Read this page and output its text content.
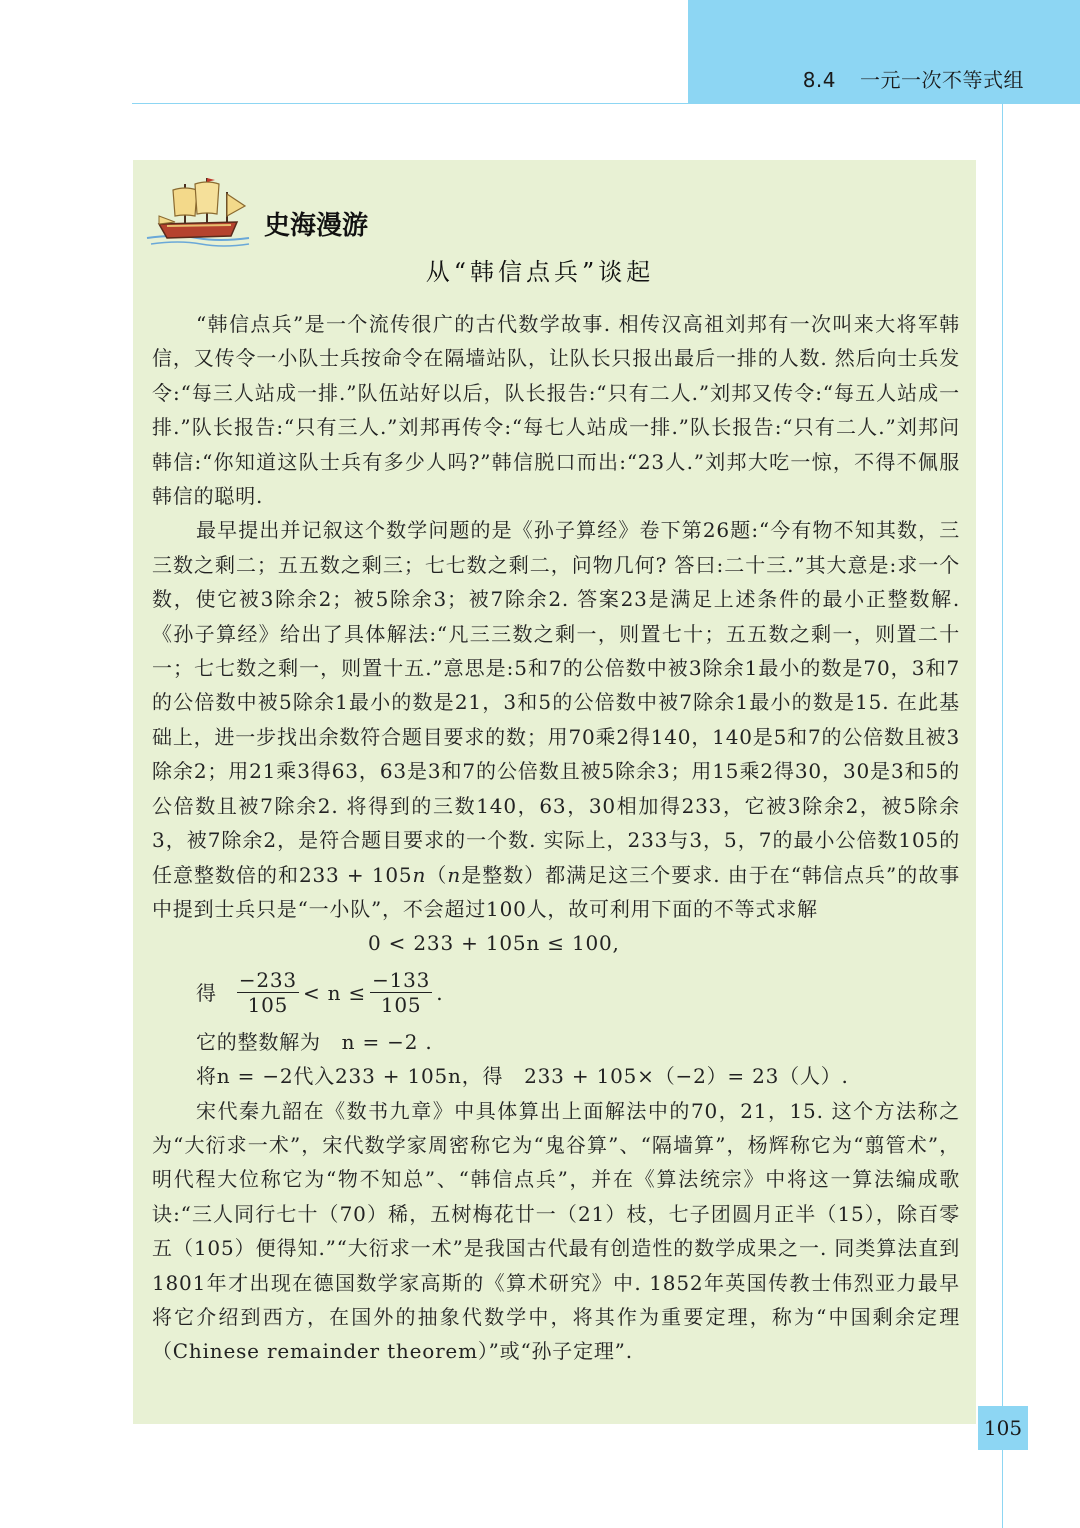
8.4 一元一次不等式组
史海漫游
从“韩信点兵”谈起

“韩信点兵”是一个流传很广的古代数学故事. 相传汉高祖刘邦有一次叫来大将军韩信，又传令一小队士兵按命令在隔墙站队，让队长只报出最后一排的人数. 然后向士兵发令:“每三人站成一排.”队伍站好以后，队长报告:“只有二人.”刘邦又传令:“每五人站成一排.”队长报告:“只有三人.”刘邦再传令:“每七人站成一排.”队长报告:“只有二人.”刘邦问韩信:“你知道这队士兵有多少人吗?”韩信脱口而出:“23人.”刘邦大吃一惊，不得不佩服韩信的聪明.

最早提出并记叙这个数学问题的是《孙子算经》卷下第26题:“今有物不知其数，三三数之剩二；五五数之剩三；七七数之剩二，问物几何? 答曰:二十三.”其大意是:求一个数，使它被3除余2；被5除余3；被7除余2. 答案23是满足上述条件的最小正整数解.《孙子算经》给出了具体解法:“凡三三数之剩一，则置七十；五五数之剩一，则置二十一；七七数之剩一，则置十五.”意思是:5和7的公倍数中被3除余1最小的数是70，3和7的公倍数中被5除余1最小的数是21，3和5的公倍数中被7除余1最小的数是15. 在此基础上，进一步找出余数符合题目要求的数；用70乘2得140，140是5和7的公倍数且被3除余2；用21乘3得63，63是3和7的公倍数且被5除余3；用15乘2得30，30是3和5的公倍数且被7除余2. 将得到的三数140，63，30相加得233，它被3除余2，被5除余3，被7除余2，是符合题目要求的一个数. 实际上，233与3，5，7的最小公倍数105的任意整数倍的和233 + 105n（n是整数）都满足这三个要求. 由于在“韩信点兵”的故事中提到士兵只是“一小队”，不会超过100人，故可利用下面的不等式求解

0 < 233 + 105n ≤ 100,
得 $\frac{-233}{105} < n \le \frac{-133}{105}$ .
它的整数解为　n = −2 .
将n = −2代入233 + 105n，得　233 + 105×（−2）= 23（人）.

宋代秦九韶在《数书九章》中具体算出上面解法中的70，21，15. 这个方法称之为“大衍求一术”，宋代数学家周密称它为“鬼谷算”、“隔墙算”，杨辉称它为“翦管术”，明代程大位称它为“物不知总”、“韩信点兵”，并在《算法统宗》中将这一算法编成歌诀:“三人同行七十（70）稀，五树梅花廿一（21）枝，七子团圆月正半（15），除百零五（105）便得知.”“大衍求一术”是我国古代最有创造性的数学成果之一. 同类算法直到1801年才出现在德国数学家高斯的《算术研究》中. 1852年英国传教士伟烈亚力最早将它介绍到西方，在国外的抽象代数学中，将其作为重要定理，称为“中国剩余定理（Chinese remainder theorem）”或“孙子定理”.

105
